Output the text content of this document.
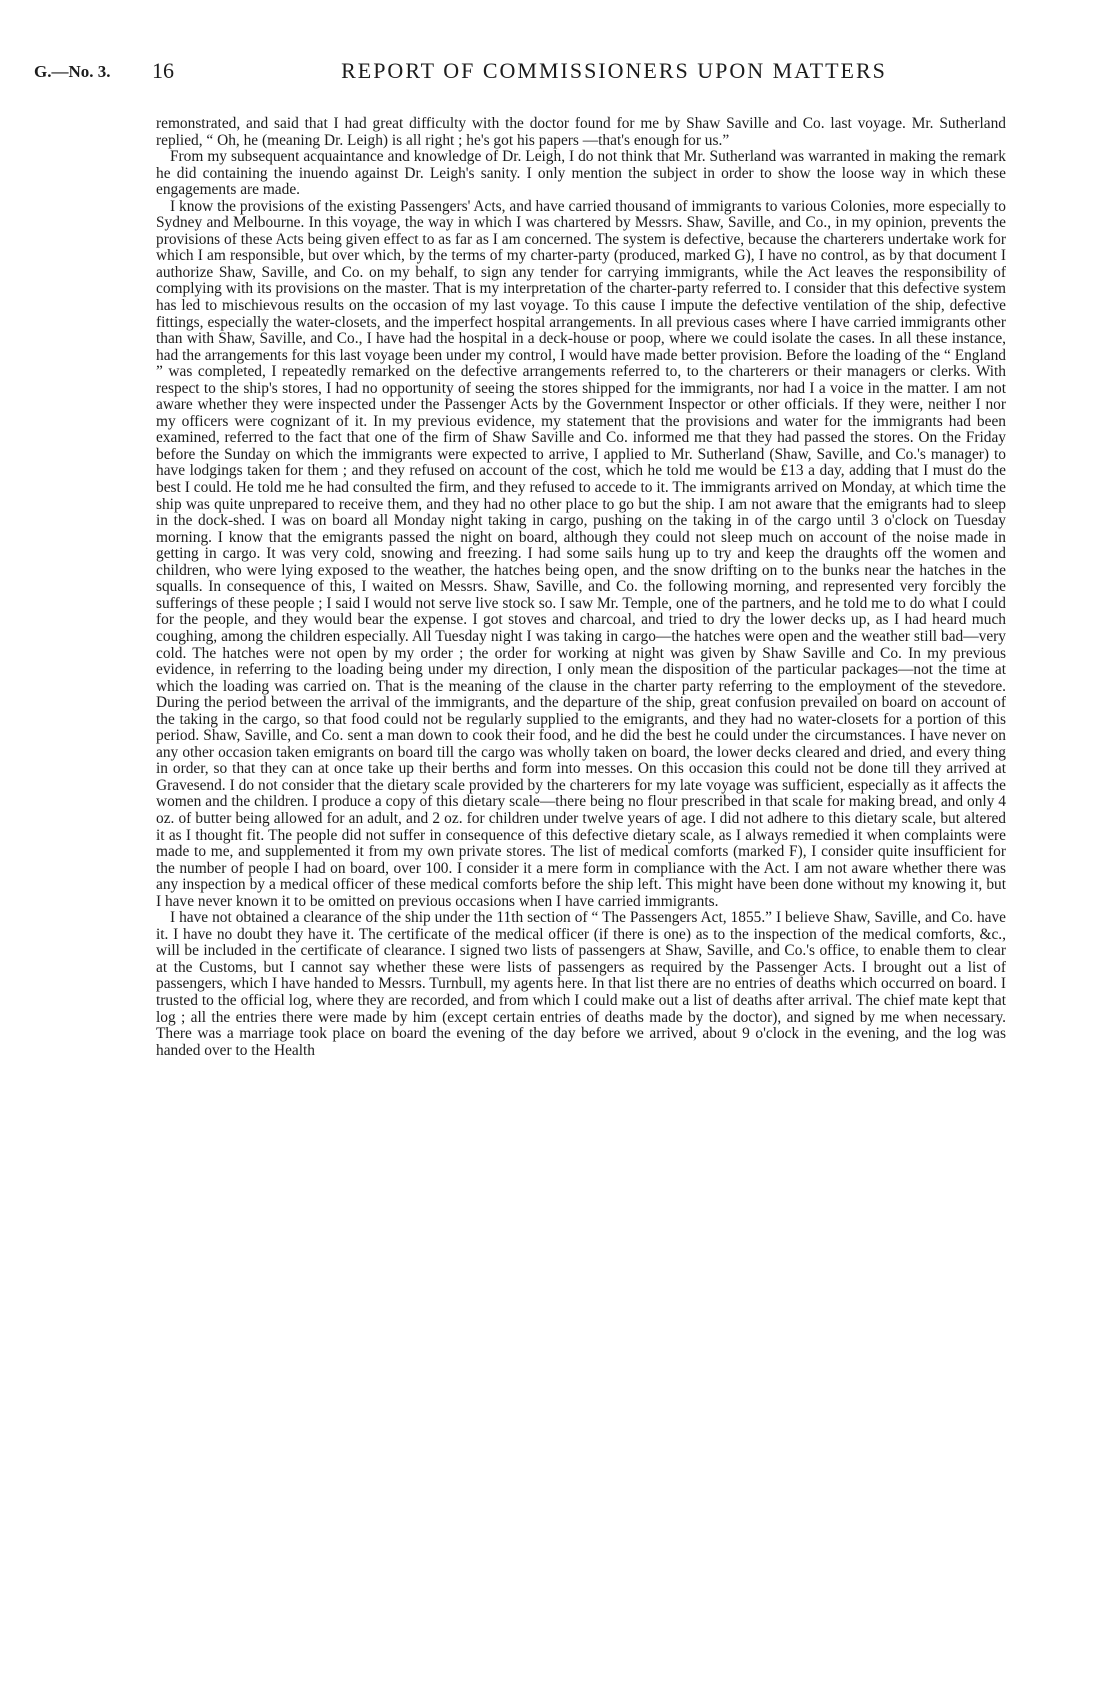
G.—No. 3. 16	REPORT OF COMMISSIONERS UPON MATTERS

remonstrated, and said that I had great difficulty with the doctor found for me by Shaw Saville and Co. last voyage. Mr. Sutherland replied, “ Oh, he (meaning Dr. Leigh) is all right ; he's got his papers —that's enough for us.”

From my subsequent acquaintance and knowledge of Dr. Leigh, I do not think that Mr. Sutherland was warranted in making the remark he did containing the inuendo against Dr. Leigh's sanity. I only mention the subject in order to show the loose way in which these engagements are made.

I know the provisions of the existing Passengers' Acts, and have carried thousand of immigrants to various Colonies, more especially to Sydney and Melbourne. In this voyage, the way in which I was chartered by Messrs. Shaw, Saville, and Co., in my opinion, prevents the provisions of these Acts being given effect to as far as I am concerned. The system is defective, because the charterers undertake work for which I am responsible, but over which, by the terms of my charter-party (produced, marked G), I have no control, as by that document I authorize Shaw, Saville, and Co. on my behalf, to sign any tender for carrying immigrants, while the Act leaves the responsibility of complying with its provisions on the master. That is my interpretation of the charter-party referred to. I consider that this defective system has led to mischievous results on the occasion of my last voyage. To this cause I impute the defective ventilation of the ship, defective fittings, especially the water-closets, and the imperfect hospital arrangements. In all previous cases where I have carried immigrants other than with Shaw, Saville, and Co., I have had the hospital in a deck-house or poop, where we could isolate the cases. In all these instance, had the arrangements for this last voyage been under my control, I would have made better provision. Before the loading of the “ England ” was completed, I repeatedly remarked on the defective arrangements referred to, to the charterers or their managers or clerks. With respect to the ship's stores, I had no opportunity of seeing the stores shipped for the immigrants, nor had I a voice in the matter. I am not aware whether they were inspected under the Passenger Acts by the Government Inspector or other officials. If they were, neither I nor my officers were cognizant of it. In my previous evidence, my statement that the provisions and water for the immigrants had been examined, referred to the fact that one of the firm of Shaw Saville and Co. informed me that they had passed the stores. On the Friday before the Sunday on which the immigrants were expected to arrive, I applied to Mr. Sutherland (Shaw, Saville, and Co.'s manager) to have lodgings taken for them ; and they refused on account of the cost, which he told me would be £13 a day, adding that I must do the best I could. He told me he had consulted the firm, and they refused to accede to it. The immigrants arrived on Monday, at which time the ship was quite unprepared to receive them, and they had no other place to go but the ship. I am not aware that the emigrants had to sleep in the dock-shed. I was on board all Monday night taking in cargo, pushing on the taking in of the cargo until 3 o'clock on Tuesday morning. I know that the emigrants passed the night on board, although they could not sleep much on account of the noise made in getting in cargo. It was very cold, snowing and freezing. I had some sails hung up to try and keep the draughts off the women and children, who were lying exposed to the weather, the hatches being open, and the snow drifting on to the bunks near the hatches in the squalls. In consequence of this, I waited on Messrs. Shaw, Saville, and Co. the following morning, and represented very forcibly the sufferings of these people ; I said I would not serve live stock so. I saw Mr. Temple, one of the partners, and he told me to do what I could for the people, and they would bear the expense. I got stoves and charcoal, and tried to dry the lower decks up, as I had heard much coughing, among the children especially. All Tuesday night I was taking in cargo—the hatches were open and the weather still bad—very cold. The hatches were not open by my order ; the order for working at night was given by Shaw Saville and Co. In my previous evidence, in referring to the loading being under my direction, I only mean the disposition of the particular packages—not the time at which the loading was carried on. That is the meaning of the clause in the charter party referring to the employment of the stevedore. During the period between the arrival of the immigrants, and the departure of the ship, great confusion prevailed on board on account of the taking in the cargo, so that food could not be regularly supplied to the emigrants, and they had no water-closets for a portion of this period. Shaw, Saville, and Co. sent a man down to cook their food, and he did the best he could under the circumstances. I have never on any other occasion taken emigrants on board till the cargo was wholly taken on board, the lower decks cleared and dried, and every thing in order, so that they can at once take up their berths and form into messes. On this occasion this could not be done till they arrived at Gravesend. I do not consider that the dietary scale provided by the charterers for my late voyage was sufficient, especially as it affects the women and the children. I produce a copy of this dietary scale—there being no flour prescribed in that scale for making bread, and only 4 oz. of butter being allowed for an adult, and 2 oz. for children under twelve years of age. I did not adhere to this dietary scale, but altered it as I thought fit. The people did not suffer in consequence of this defective dietary scale, as I always remedied it when complaints were made to me, and supplemented it from my own private stores. The list of medical comforts (marked F), I consider quite insufficient for the number of people I had on board, over 100. I consider it a mere form in compliance with the Act. I am not aware whether there was any inspection by a medical officer of these medical comforts before the ship left. This might have been done without my knowing it, but I have never known it to be omitted on previous occasions when I have carried immigrants.

I have not obtained a clearance of the ship under the 11th section of “ The Passengers Act, 1855.” I believe Shaw, Saville, and Co. have it. I have no doubt they have it. The certificate of the medical officer (if there is one) as to the inspection of the medical comforts, &c., will be included in the certificate of clearance. I signed two lists of passengers at Shaw, Saville, and Co.'s office, to enable them to clear at the Customs, but I cannot say whether these were lists of passengers as required by the Passenger Acts. I brought out a list of passengers, which I have handed to Messrs. Turnbull, my agents here. In that list there are no entries of deaths which occurred on board. I trusted to the official log, where they are recorded, and from which I could make out a list of deaths after arrival. The chief mate kept that log ; all the entries there were made by him (except certain entries of deaths made by the doctor), and signed by me when necessary. There was a marriage took place on board the evening of the day before we arrived, about 9 o'clock in the evening, and the log was handed over to the Health
